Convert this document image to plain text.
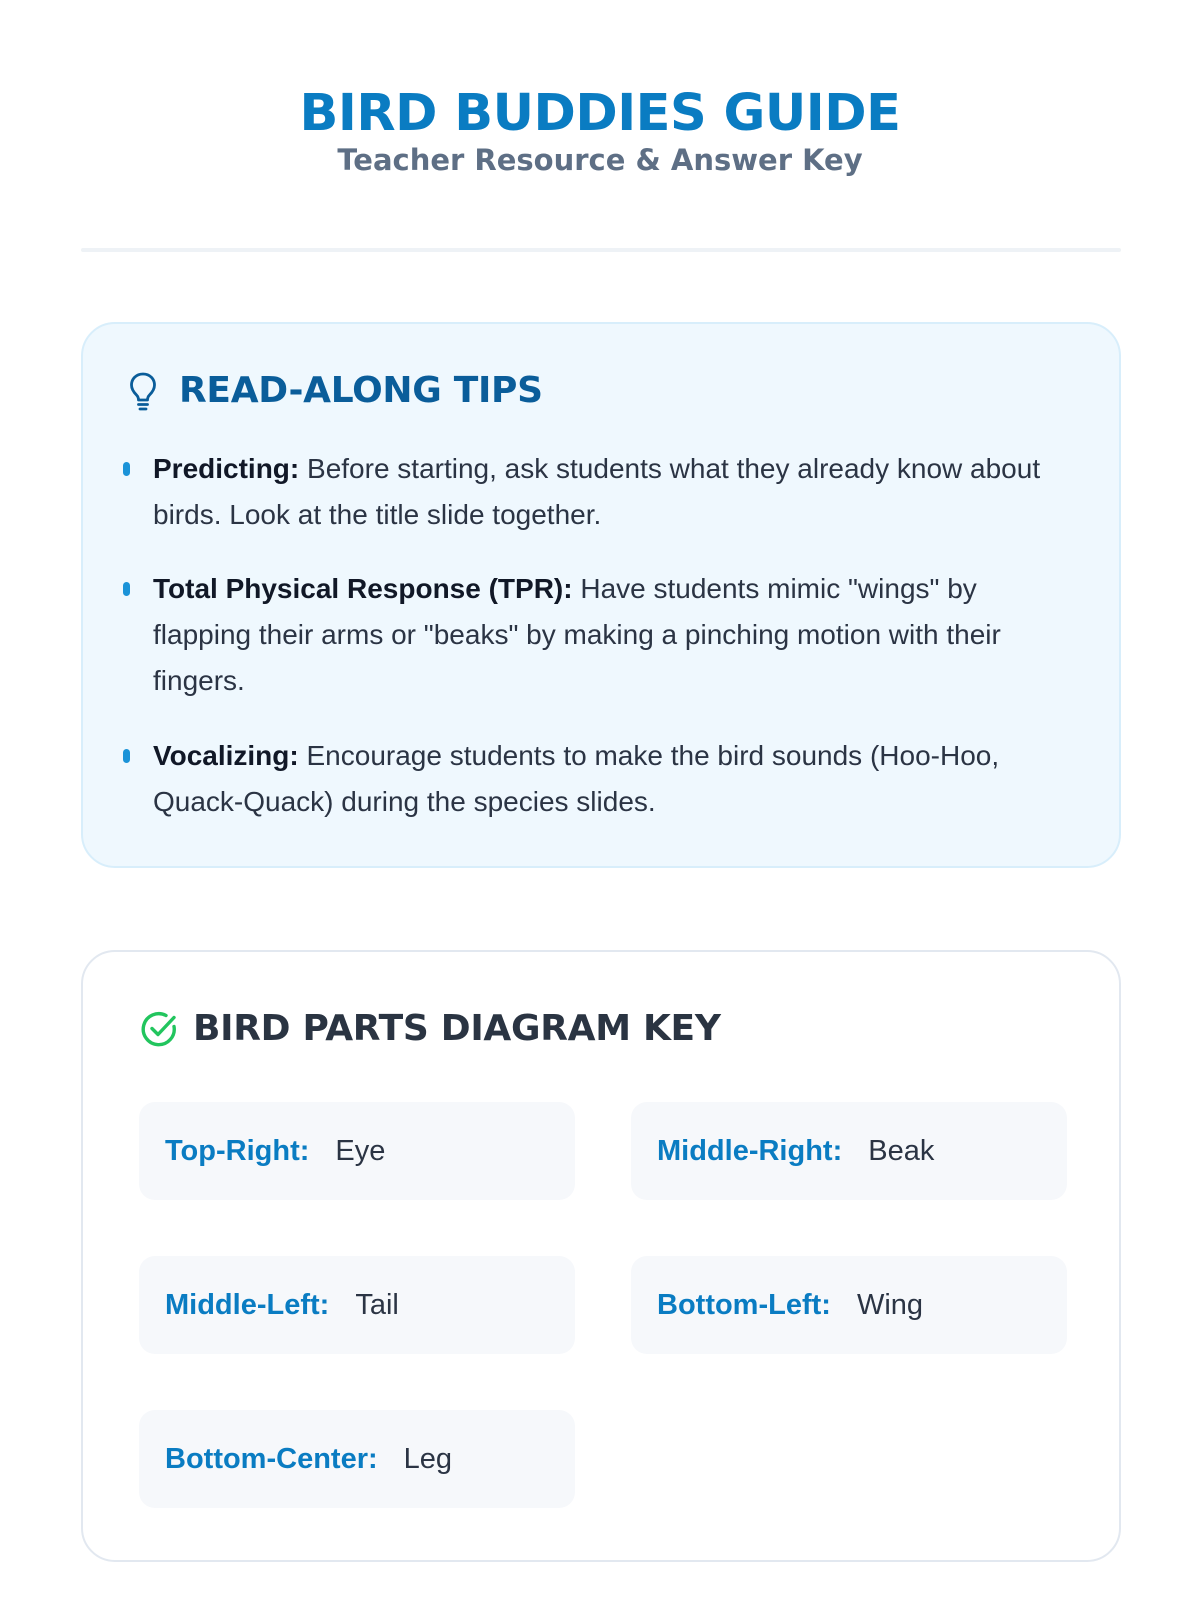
BIRD BUDDIES GUIDE
Teacher Resource & Answer Key
READ-ALONG TIPS
Predicting: Before starting, ask students what they already know about birds. Look at the title slide together.
Total Physical Response (TPR): Have students mimic "wings" by flapping their arms or "beaks" by making a pinching motion with their fingers.
Vocalizing: Encourage students to make the bird sounds (Hoo-Hoo, Quack-Quack) during the species slides.
BIRD PARTS DIAGRAM KEY
Top-Right: Eye	Middle-Right: Beak
Middle-Left: Tail	Bottom-Left: Wing
Bottom-Center: Leg
